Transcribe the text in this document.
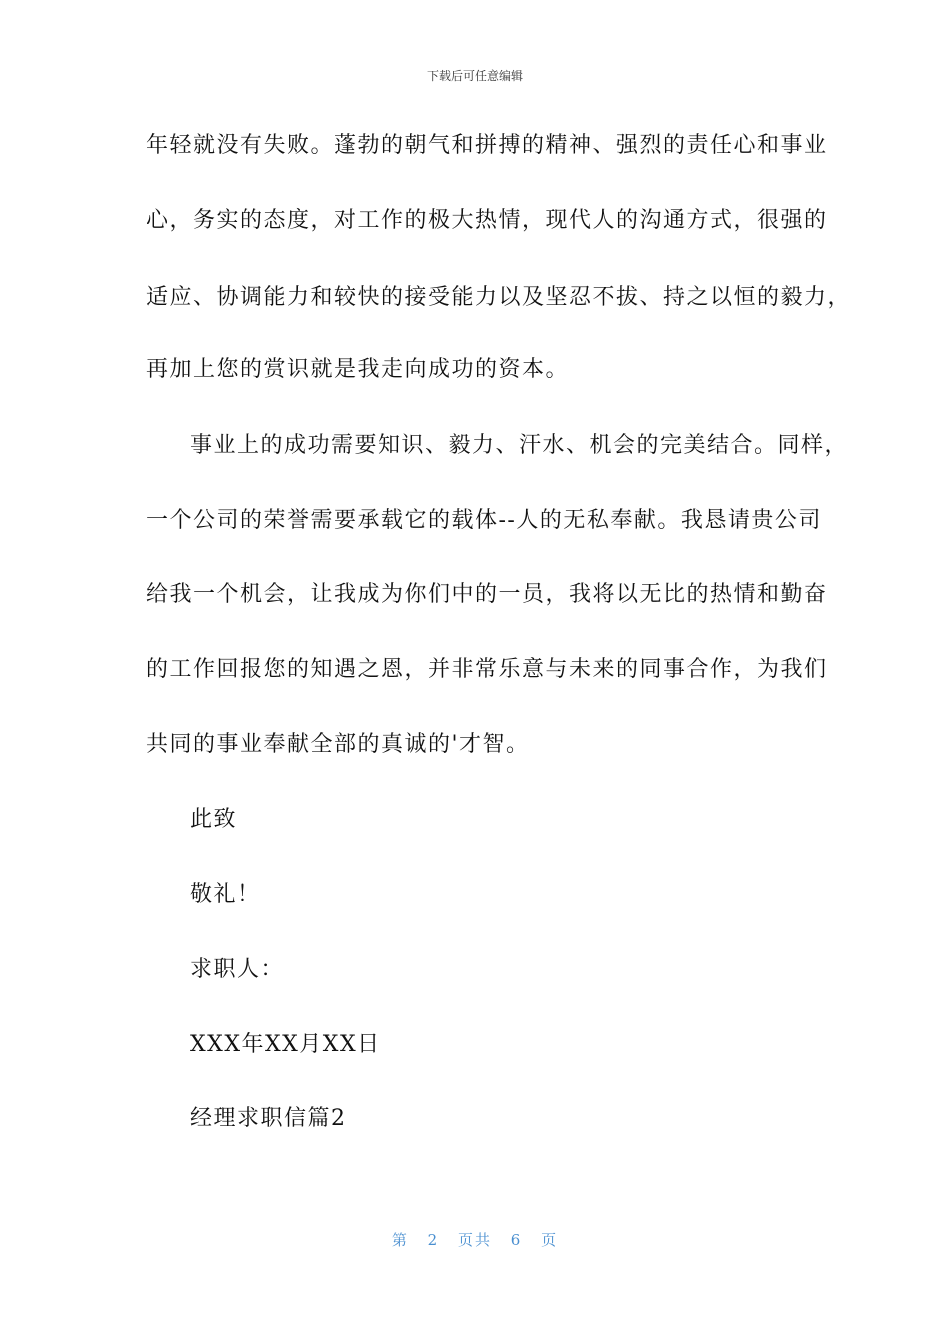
下载后可任意编辑
年轻就没有失败。蓬勃的朝气和拼搏的精神、强烈的责任心和事业
心，务实的态度，对工作的极大热情，现代人的沟通方式，很强的
适应、协调能力和较快的接受能力以及坚忍不拔、持之以恒的毅力，
再加上您的赏识就是我走向成功的资本。
事业上的成功需要知识、毅力、汗水、机会的完美结合。同样，
一个公司的荣誉需要承载它的载体--人的无私奉献。我恳请贵公司
给我一个机会，让我成为你们中的一员，我将以无比的热情和勤奋
的工作回报您的知遇之恩，并非常乐意与未来的同事合作，为我们
共同的事业奉献全部的真诚的'才智。
此致
敬礼！
求职人：
XXX年XX月XX日
经理求职信篇2
第 2 页共 6 页
